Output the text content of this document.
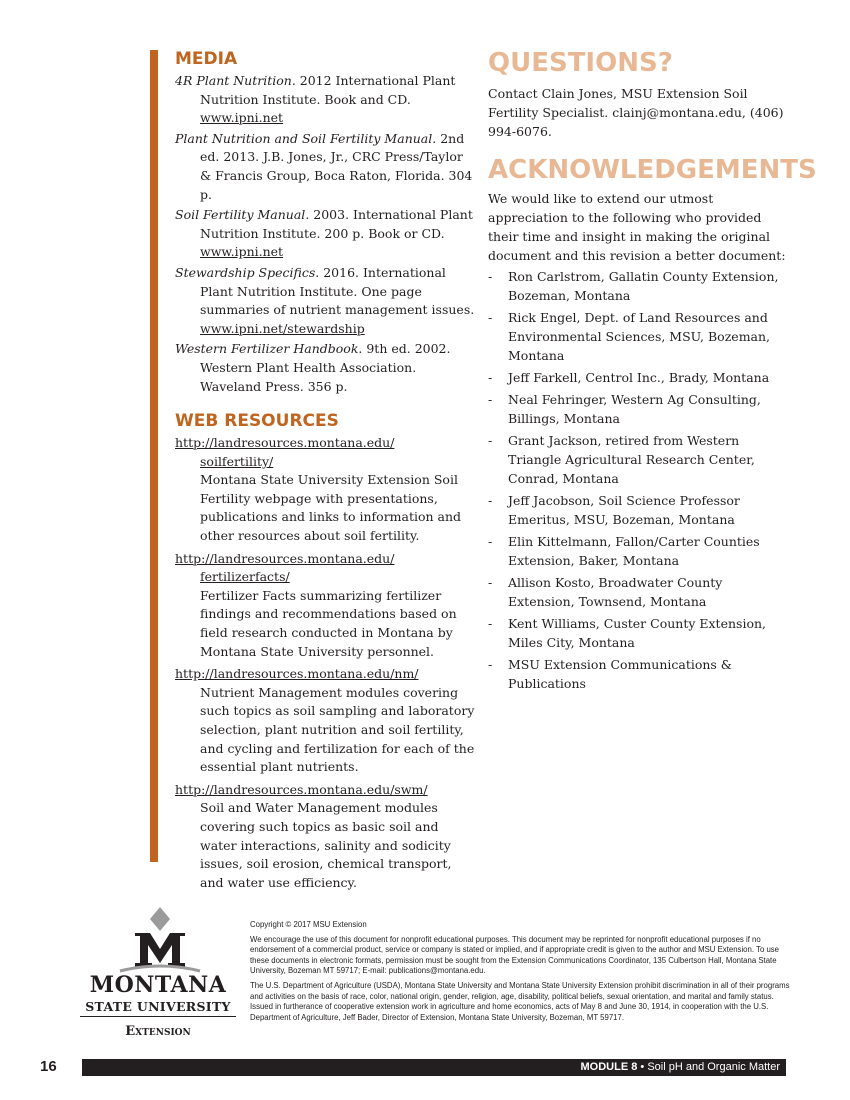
MEDIA

4R Plant Nutrition. 2012 International Plant Nutrition Institute. Book and CD. www.ipni.net

Plant Nutrition and Soil Fertility Manual. 2nd ed. 2013. J.B. Jones, Jr., CRC Press/Taylor & Francis Group, Boca Raton, Florida. 304 p.

Soil Fertility Manual. 2003. International Plant Nutrition Institute. 200 p. Book or CD. www.ipni.net

Stewardship Specifics. 2016. International Plant Nutrition Institute. One page summaries of nutrient management issues. www.ipni.net/stewardship

Western Fertilizer Handbook. 9th ed. 2002. Western Plant Health Association. Waveland Press. 356 p.

WEB RESOURCES
http://landresources.montana.edu/
soilfertility/
Montana State University Extension Soil Fertility webpage with presentations, publications and links to information and other resources about soil fertility.
http://landresources.montana.edu/
fertilizerfacts/
Fertilizer Facts summarizing fertilizer findings and recommendations based on field research conducted in Montana by Montana State University personnel.
http://landresources.montana.edu/nm/
Nutrient Management modules covering such topics as soil sampling and laboratory selection, plant nutrition and soil fertility, and cycling and fertilization for each of the essential plant nutrients.
http://landresources.montana.edu/swm/
Soil and Water Management modules covering such topics as basic soil and water interactions, salinity and sodicity issues, soil erosion, chemical transport, and water use efficiency.
QUESTIONS?

Contact Clain Jones, MSU Extension Soil Fertility Specialist. clainj@montana.edu, (406) 994-6076.

ACKNOWLEDGEMENTS

We would like to extend our utmost appreciation to the following who provided their time and insight in making the original document and this revision a better document:

- Ron Carlstrom, Gallatin County Extension, Bozeman, Montana
- Rick Engel, Dept. of Land Resources and Environmental Sciences, MSU, Bozeman, Montana
- Jeff Farkell, Centrol Inc., Brady, Montana
- Neal Fehringer, Western Ag Consulting, Billings, Montana
- Grant Jackson, retired from Western Triangle Agricultural Research Center, Conrad, Montana
- Jeff Jacobson, Soil Science Professor Emeritus, MSU, Bozeman, Montana
- Elin Kittelmann, Fallon/Carter Counties Extension, Baker, Montana
- Allison Kosto, Broadwater County Extension, Townsend, Montana
- Kent Williams, Custer County Extension, Miles City, Montana
- MSU Extension Communications & Publications
MONTANA
STATE UNIVERSITY
Extension

Copyright © 2017 MSU Extension

We encourage the use of this document for nonprofit educational purposes. This document may be reprinted for nonprofit educational purposes if no endorsement of a commercial product, service or company is stated or implied, and if appropriate credit is given to the author and MSU Extension. To use these documents in electronic formats, permission must be sought from the Extension Communications Coordinator, 135 Culbertson Hall, Montana State University, Bozeman MT 59717; E-mail: publications@montana.edu.

The U.S. Department of Agriculture (USDA), Montana State University and Montana State University Extension prohibit discrimination in all of their programs and activities on the basis of race, color, national origin, gender, religion, age, disability, political beliefs, sexual orientation, and marital and family status. Issued in furtherance of cooperative extension work in agriculture and home economics, acts of May 8 and June 30, 1914, in cooperation with the U.S. Department of Agriculture, Jeff Bader, Director of Extension, Montana State University, Bozeman, MT 59717.

16	MODULE 8 • Soil pH and Organic Matter
